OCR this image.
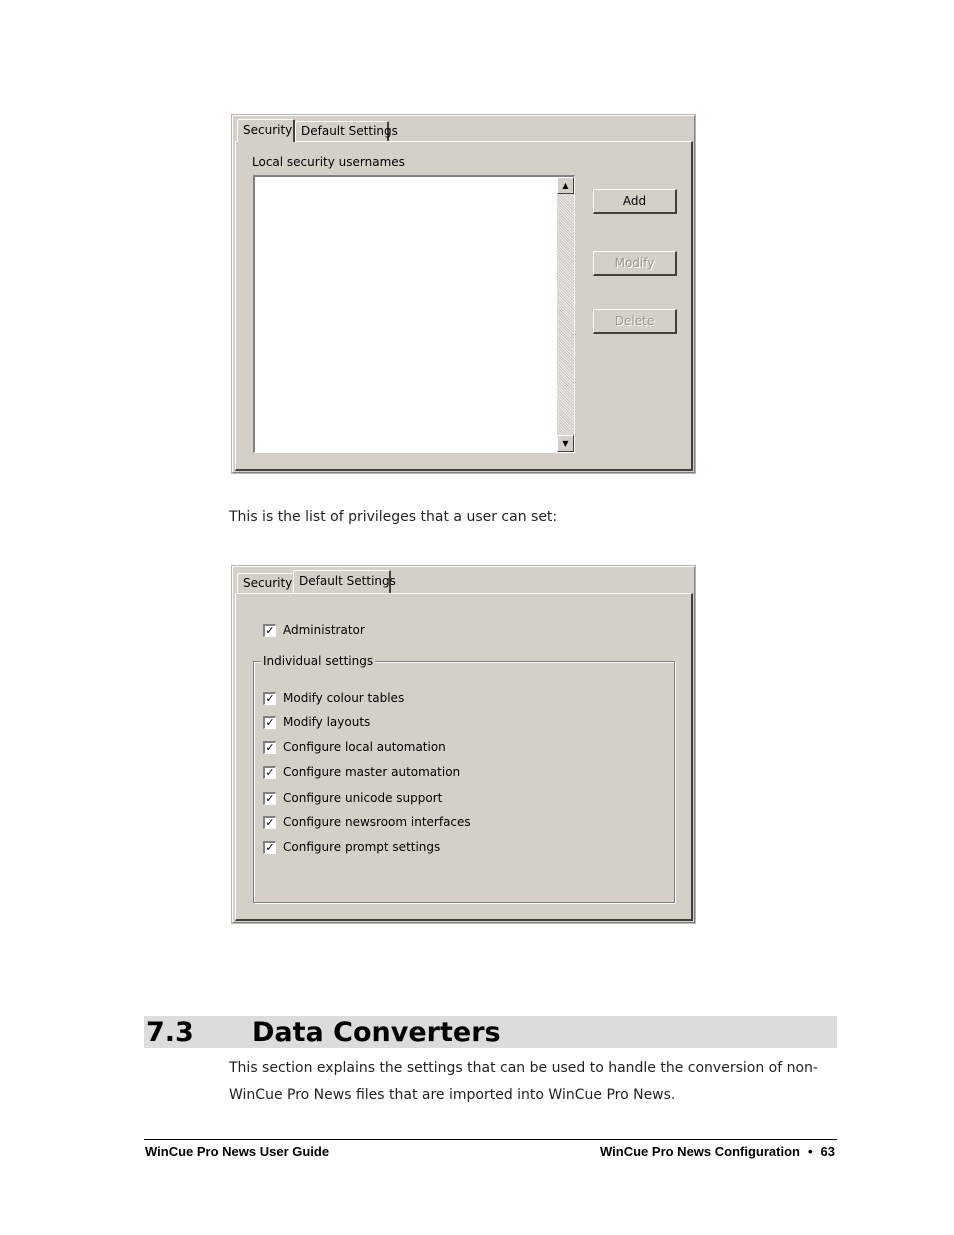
Security Default Settings
Local security usernames
▲
▼
Add
Modify
Delete
This is the list of privileges that a user can set:
Security Default Settings
✓ Administrator
Individual settings
✓ Modify colour tables
✓ Modify layouts
✓ Configure local automation
✓ Configure master automation
✓ Configure unicode support
✓ Configure newsroom interfaces
✓ Configure prompt settings
7.3 Data Converters
This section explains the settings that can be used to handle the conversion of non-
WinCue Pro News files that are imported into WinCue Pro News.
WinCue Pro News User Guide	WinCue Pro News Configuration • 63
